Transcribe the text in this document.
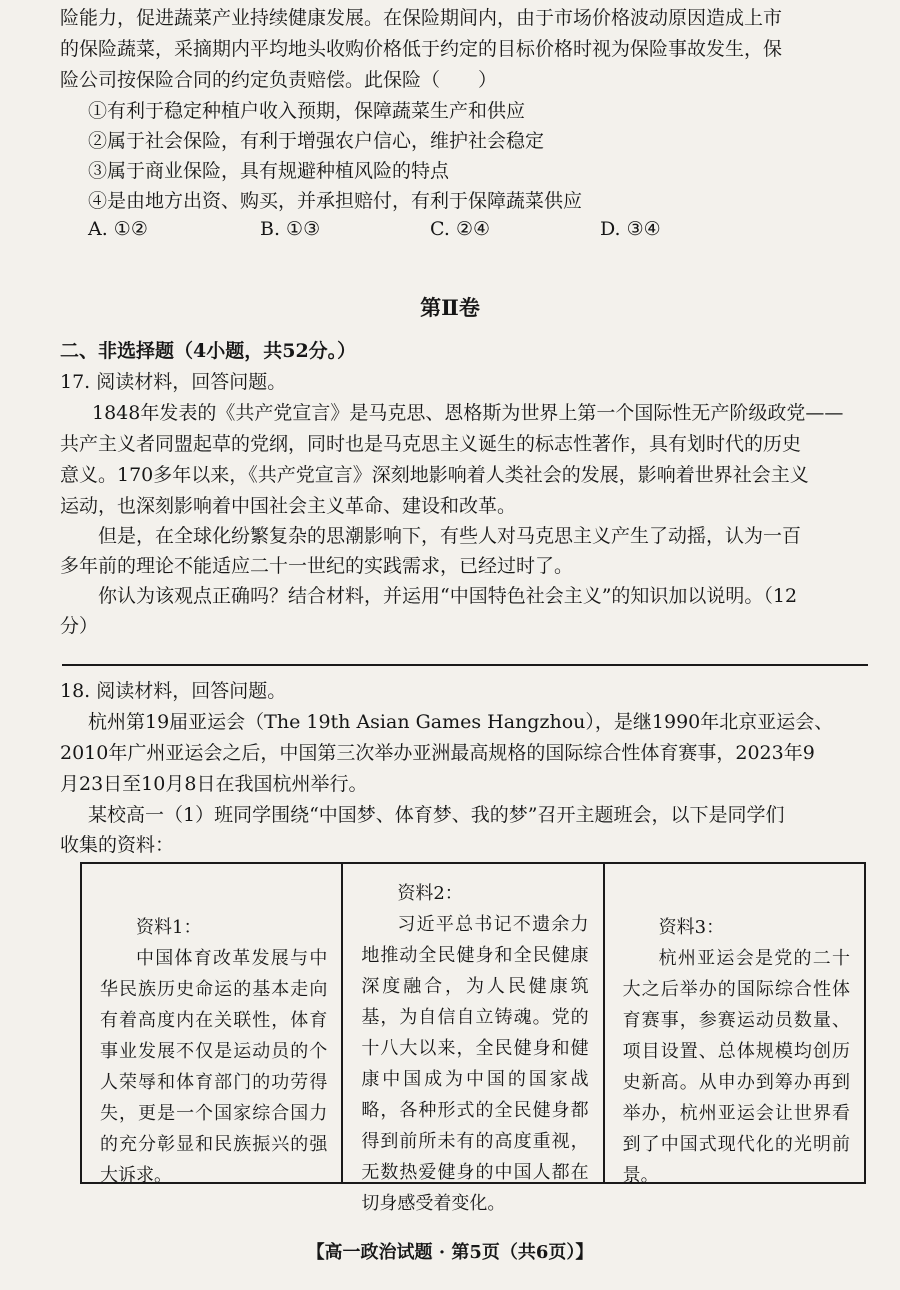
险能力，促进蔬菜产业持续健康发展。在保险期间内，由于市场价格波动原因造成上市
的保险蔬菜，采摘期内平均地头收购价格低于约定的目标价格时视为保险事故发生，保
险公司按保险合同的约定负责赔偿。此保险（　　）
①有利于稳定种植户收入预期，保障蔬菜生产和供应
②属于社会保险，有利于增强农户信心，维护社会稳定
③属于商业保险，具有规避种植风险的特点
④是由地方出资、购买，并承担赔付，有利于保障蔬菜供应
A. ①②	B. ①③	C. ②④	D. ③④
第Ⅱ卷
二、非选择题（4小题，共52分。）
17. 阅读材料，回答问题。
1848年发表的《共产党宣言》是马克思、恩格斯为世界上第一个国际性无产阶级政党——
共产主义者同盟起草的党纲，同时也是马克思主义诞生的标志性著作，具有划时代的历史
意义。170多年以来，《共产党宣言》深刻地影响着人类社会的发展，影响着世界社会主义
运动，也深刻影响着中国社会主义革命、建设和改革。
但是，在全球化纷繁复杂的思潮影响下，有些人对马克思主义产生了动摇，认为一百
多年前的理论不能适应二十一世纪的实践需求，已经过时了。
你认为该观点正确吗？结合材料，并运用“中国特色社会主义”的知识加以说明。（12
分）
18. 阅读材料，回答问题。
杭州第19届亚运会（The 19th Asian Games Hangzhou），是继1990年北京亚运会、
2010年广州亚运会之后，中国第三次举办亚洲最高规格的国际综合性体育赛事，2023年9
月23日至10月8日在我国杭州举行。
某校高一（1）班同学围绕“中国梦、体育梦、我的梦”召开主题班会，以下是同学们
收集的资料：
资料1：
中国体育改革发展与中华民族历史命运的基本走向有着高度内在关联性，体育事业发展不仅是运动员的个人荣辱和体育部门的功劳得失，更是一个国家综合国力的充分彰显和民族振兴的强大诉求。
资料2：
习近平总书记不遗余力地推动全民健身和全民健康深度融合，为人民健康筑基，为自信自立铸魂。党的十八大以来，全民健身和健康中国成为中国的国家战略，各种形式的全民健身都得到前所未有的高度重视，无数热爱健身的中国人都在切身感受着变化。
资料3：
杭州亚运会是党的二十大之后举办的国际综合性体育赛事，参赛运动员数量、项目设置、总体规模均创历史新高。从申办到筹办再到举办，杭州亚运会让世界看到了中国式现代化的光明前景。
【高一政治试题 · 第5页（共6页）】
